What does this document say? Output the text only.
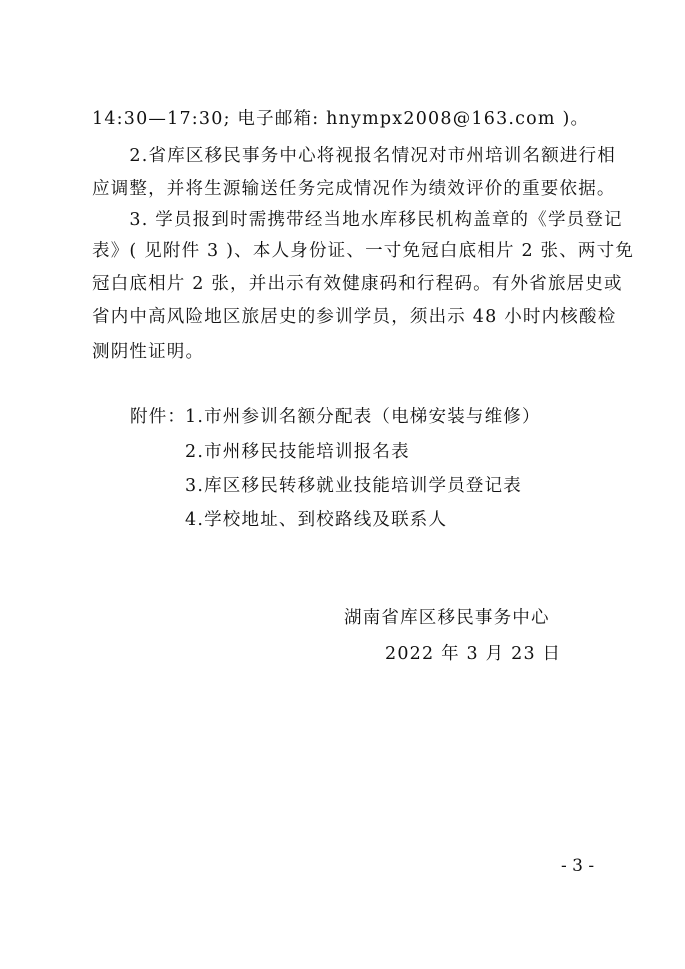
14:30—17:30; 电子邮箱: hnympx2008@163.com )。
　　2.省库区移民事务中心将视报名情况对市州培训名额进行相
应调整，并将生源输送任务完成情况作为绩效评价的重要依据。
　　3. 学员报到时需携带经当地水库移民机构盖章的《学员登记
表》( 见附件 3 )、本人身份证、一寸免冠白底相片 2 张、两寸免
冠白底相片 2 张，并出示有效健康码和行程码。有外省旅居史或
省内中高风险地区旅居史的参训学员，须出示 48 小时内核酸检
测阴性证明。
附件：
1.市州参训名额分配表（电梯安装与维修）
2.市州移民技能培训报名表
3.库区移民转移就业技能培训学员登记表
4.学校地址、到校路线及联系人
湖南省库区移民事务中心
2022 年 3 月 23 日
- 3 -
